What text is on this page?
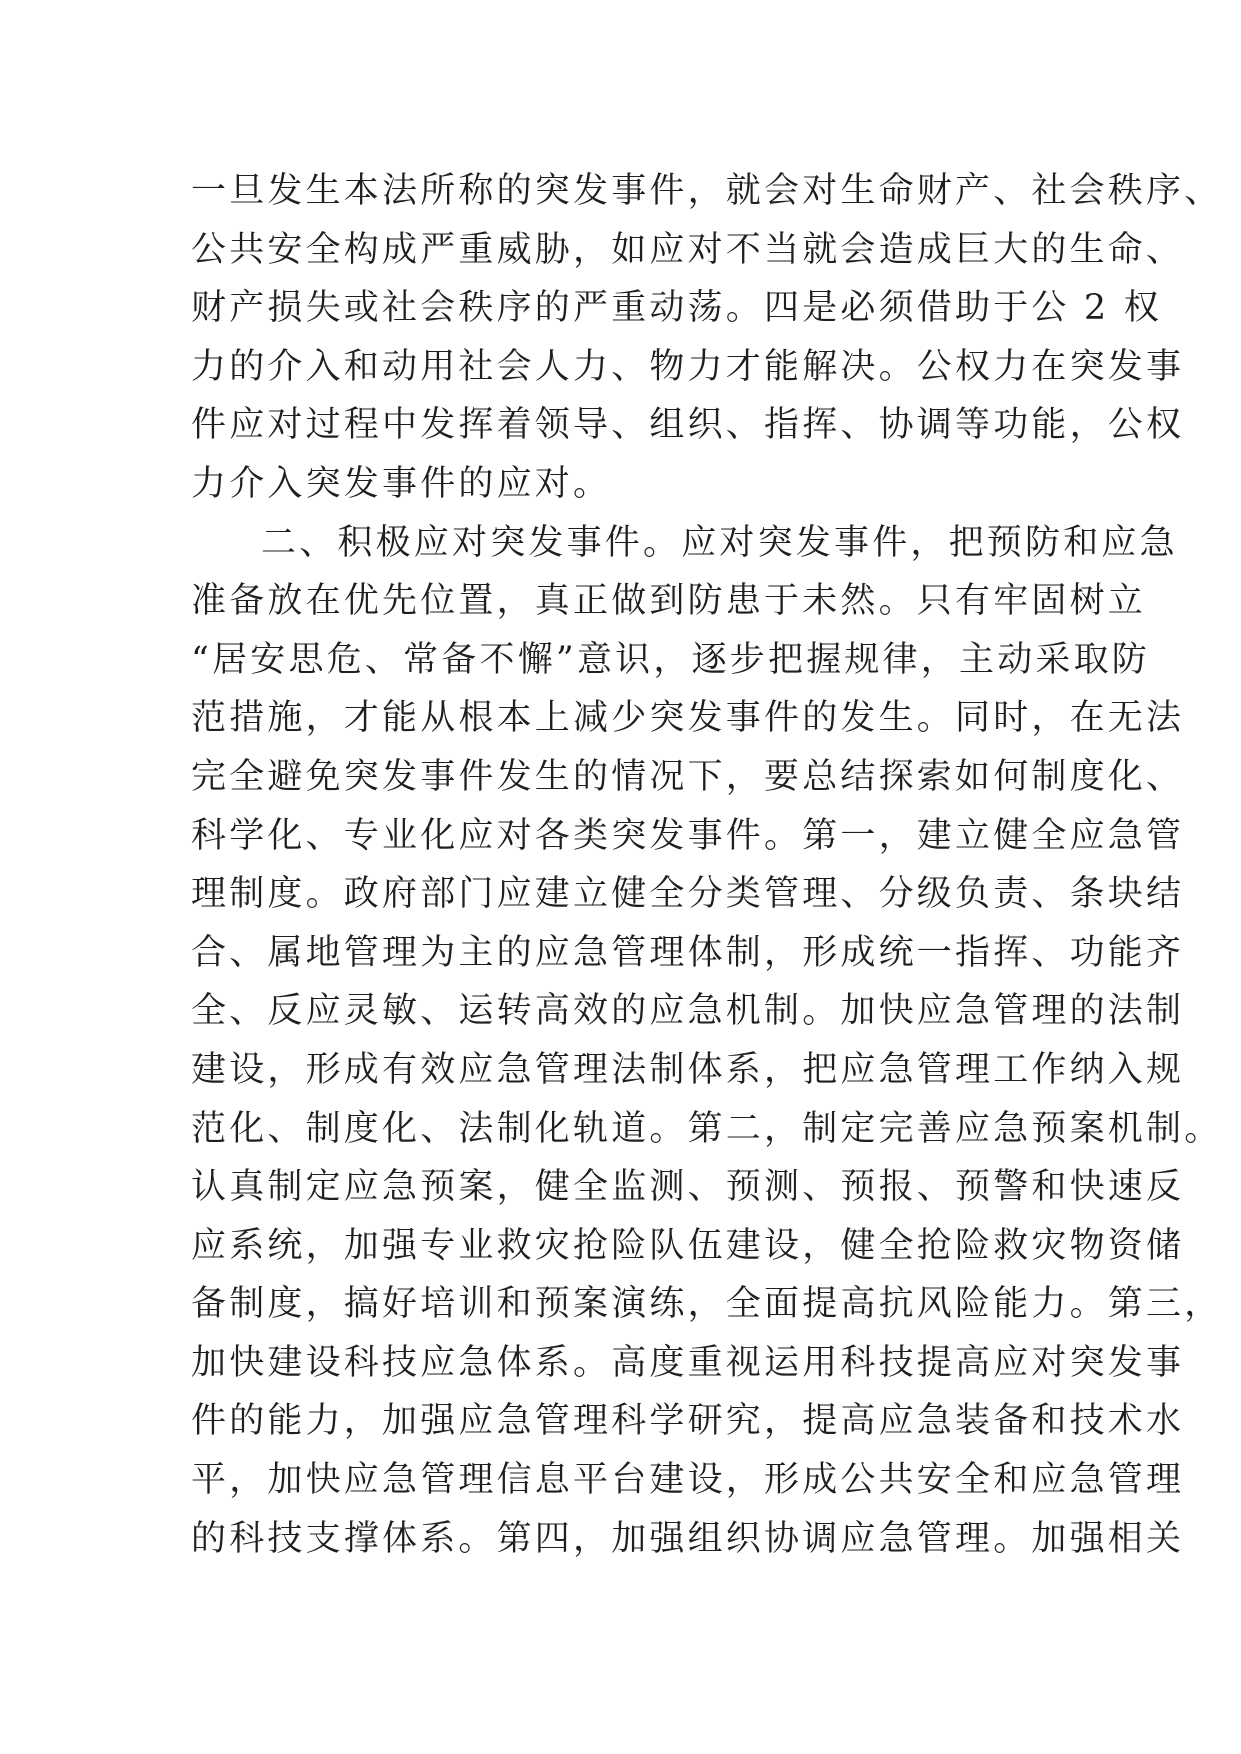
一旦发生本法所称的突发事件，就会对生命财产、社会秩序、
公共安全构成严重威胁，如应对不当就会造成巨大的生命、
财产损失或社会秩序的严重动荡。四是必须借助于公 2 权
力的介入和动用社会人力、物力才能解决。公权力在突发事
件应对过程中发挥着领导、组织、指挥、协调等功能，公权
力介入突发事件的应对。
二、积极应对突发事件。应对突发事件，把预防和应急
准备放在优先位置，真正做到防患于未然。只有牢固树立
“居安思危、常备不懈”意识，逐步把握规律，主动采取防
范措施，才能从根本上减少突发事件的发生。同时，在无法
完全避免突发事件发生的情况下，要总结探索如何制度化、
科学化、专业化应对各类突发事件。第一，建立健全应急管
理制度。政府部门应建立健全分类管理、分级负责、条块结
合、属地管理为主的应急管理体制，形成统一指挥、功能齐
全、反应灵敏、运转高效的应急机制。加快应急管理的法制
建设，形成有效应急管理法制体系，把应急管理工作纳入规
范化、制度化、法制化轨道。第二，制定完善应急预案机制。
认真制定应急预案，健全监测、预测、预报、预警和快速反
应系统，加强专业救灾抢险队伍建设，健全抢险救灾物资储
备制度，搞好培训和预案演练，全面提高抗风险能力。第三，
加快建设科技应急体系。高度重视运用科技提高应对突发事
件的能力，加强应急管理科学研究，提高应急装备和技术水
平，加快应急管理信息平台建设，形成公共安全和应急管理
的科技支撑体系。第四，加强组织协调应急管理。加强相关
